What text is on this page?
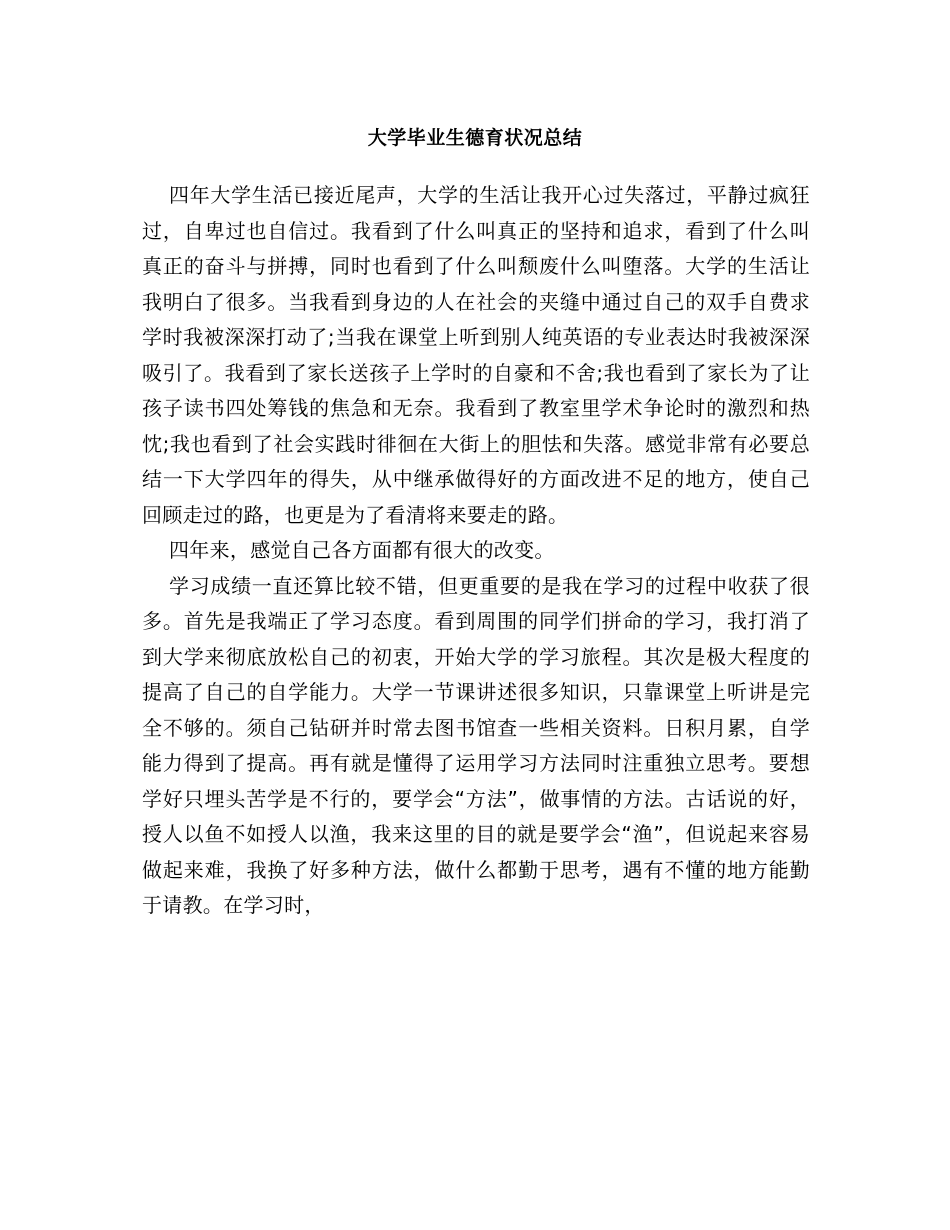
大学毕业生德育状况总结

四年大学生活已接近尾声，大学的生活让我开心过失落过，平静过疯狂过，自卑过也自信过。我看到了什么叫真正的坚持和追求，看到了什么叫真正的奋斗与拼搏，同时也看到了什么叫颓废什么叫堕落。大学的生活让我明白了很多。当我看到身边的人在社会的夹缝中通过自己的双手自费求学时我被深深打动了;当我在课堂上听到别人纯英语的专业表达时我被深深吸引了。我看到了家长送孩子上学时的自豪和不舍;我也看到了家长为了让孩子读书四处筹钱的焦急和无奈。我看到了教室里学术争论时的激烈和热忱;我也看到了社会实践时徘徊在大街上的胆怯和失落。感觉非常有必要总结一下大学四年的得失，从中继承做得好的方面改进不足的地方，使自己回顾走过的路，也更是为了看清将来要走的路。

四年来，感觉自己各方面都有很大的改变。

学习成绩一直还算比较不错，但更重要的是我在学习的过程中收获了很多。首先是我端正了学习态度。看到周围的同学们拼命的学习，我打消了到大学来彻底放松自己的初衷，开始大学的学习旅程。其次是极大程度的提高了自己的自学能力。大学一节课讲述很多知识，只靠课堂上听讲是完全不够的。须自己钻研并时常去图书馆查一些相关资料。日积月累，自学能力得到了提高。再有就是懂得了运用学习方法同时注重独立思考。要想学好只埋头苦学是不行的，要学会“方法”，做事情的方法。古话说的好，授人以鱼不如授人以渔，我来这里的目的就是要学会“渔”，但说起来容易做起来难，我换了好多种方法，做什么都勤于思考，遇有不懂的地方能勤于请教。在学习时，
